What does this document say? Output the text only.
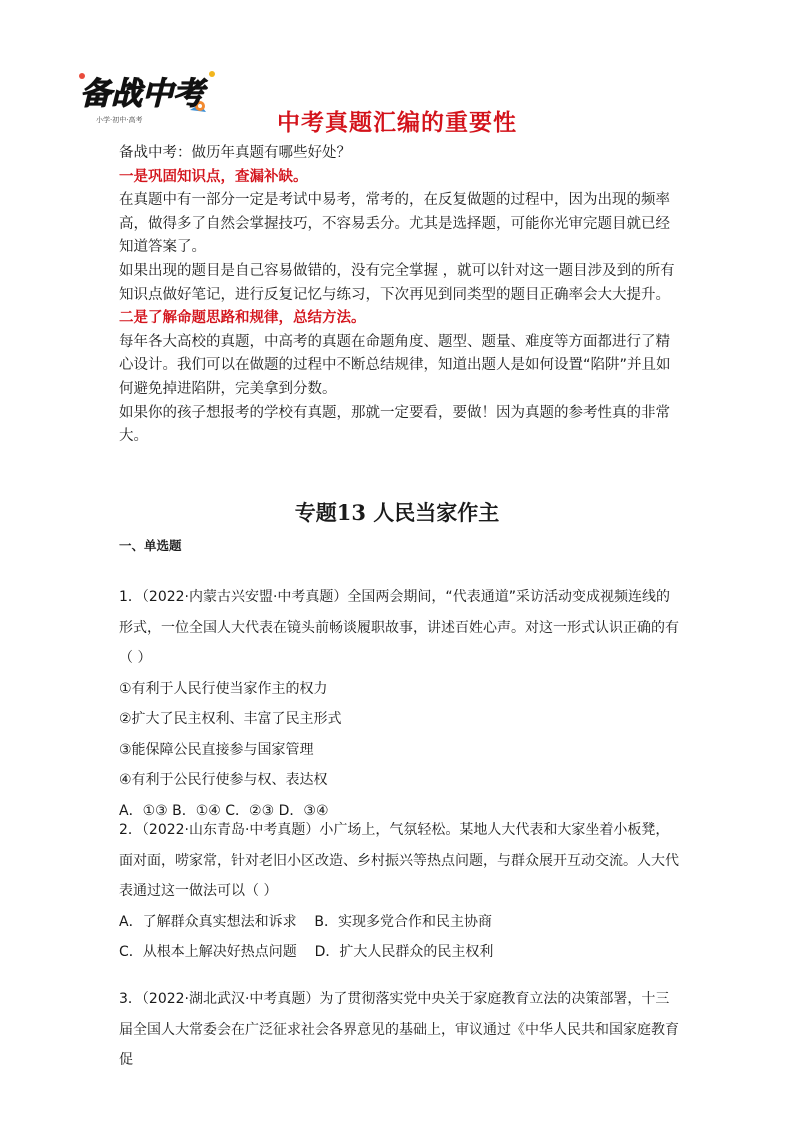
备战中考
小学·初中·高考	中考真题汇编的重要性

备战中考：做历年真题有哪些好处？

一是巩固知识点，查漏补缺。

在真题中有一部分一定是考试中易考，常考的，在反复做题的过程中，因为出现的频率高，做得多了自然会掌握技巧，不容易丢分。尤其是选择题，可能你光审完题目就已经知道答案了。

如果出现的题目是自己容易做错的，没有完全掌握 ，就可以针对这一题目涉及到的所有知识点做好笔记，进行反复记忆与练习，下次再见到同类型的题目正确率会大大提升。

二是了解命题思路和规律，总结方法。

每年各大高校的真题，中高考的真题在命题角度、题型、题量、难度等方面都进行了精心设计。我们可以在做题的过程中不断总结规律，知道出题人是如何设置“陷阱”并且如何避免掉进陷阱，完美拿到分数。

如果你的孩子想报考的学校有真题，那就一定要看，要做！因为真题的参考性真的非常大。

专题13 人民当家作主
一、单选题

1．（2022·内蒙古兴安盟·中考真题）全国两会期间，“代表通道”采访活动变成视频连线的形式，一位全国人大代表在镜头前畅谈履职故事，讲述百姓心声。对这一形式认识正确的有（ ）

①有利于人民行使当家作主的权力

②扩大了民主权利、丰富了民主形式

③能保障公民直接参与国家管理

④有利于公民行使参与权、表达权

A．①③ B．①④ C．②③ D．③④

2．（2022·山东青岛·中考真题）小广场上，气氛轻松。某地人大代表和大家坐着小板凳，面对面，唠家常，针对老旧小区改造、乡村振兴等热点问题，与群众展开互动交流。人大代表通过这一做法可以（ ）

A．了解群众真实想法和诉求    B．实现多党合作和民主协商

C．从根本上解决好热点问题    D．扩大人民群众的民主权利

3．（2022·湖北武汉·中考真题）为了贯彻落实党中央关于家庭教育立法的决策部署，十三届全国人大常委会在广泛征求社会各界意见的基础上，审议通过《中华人民共和国家庭教育促
